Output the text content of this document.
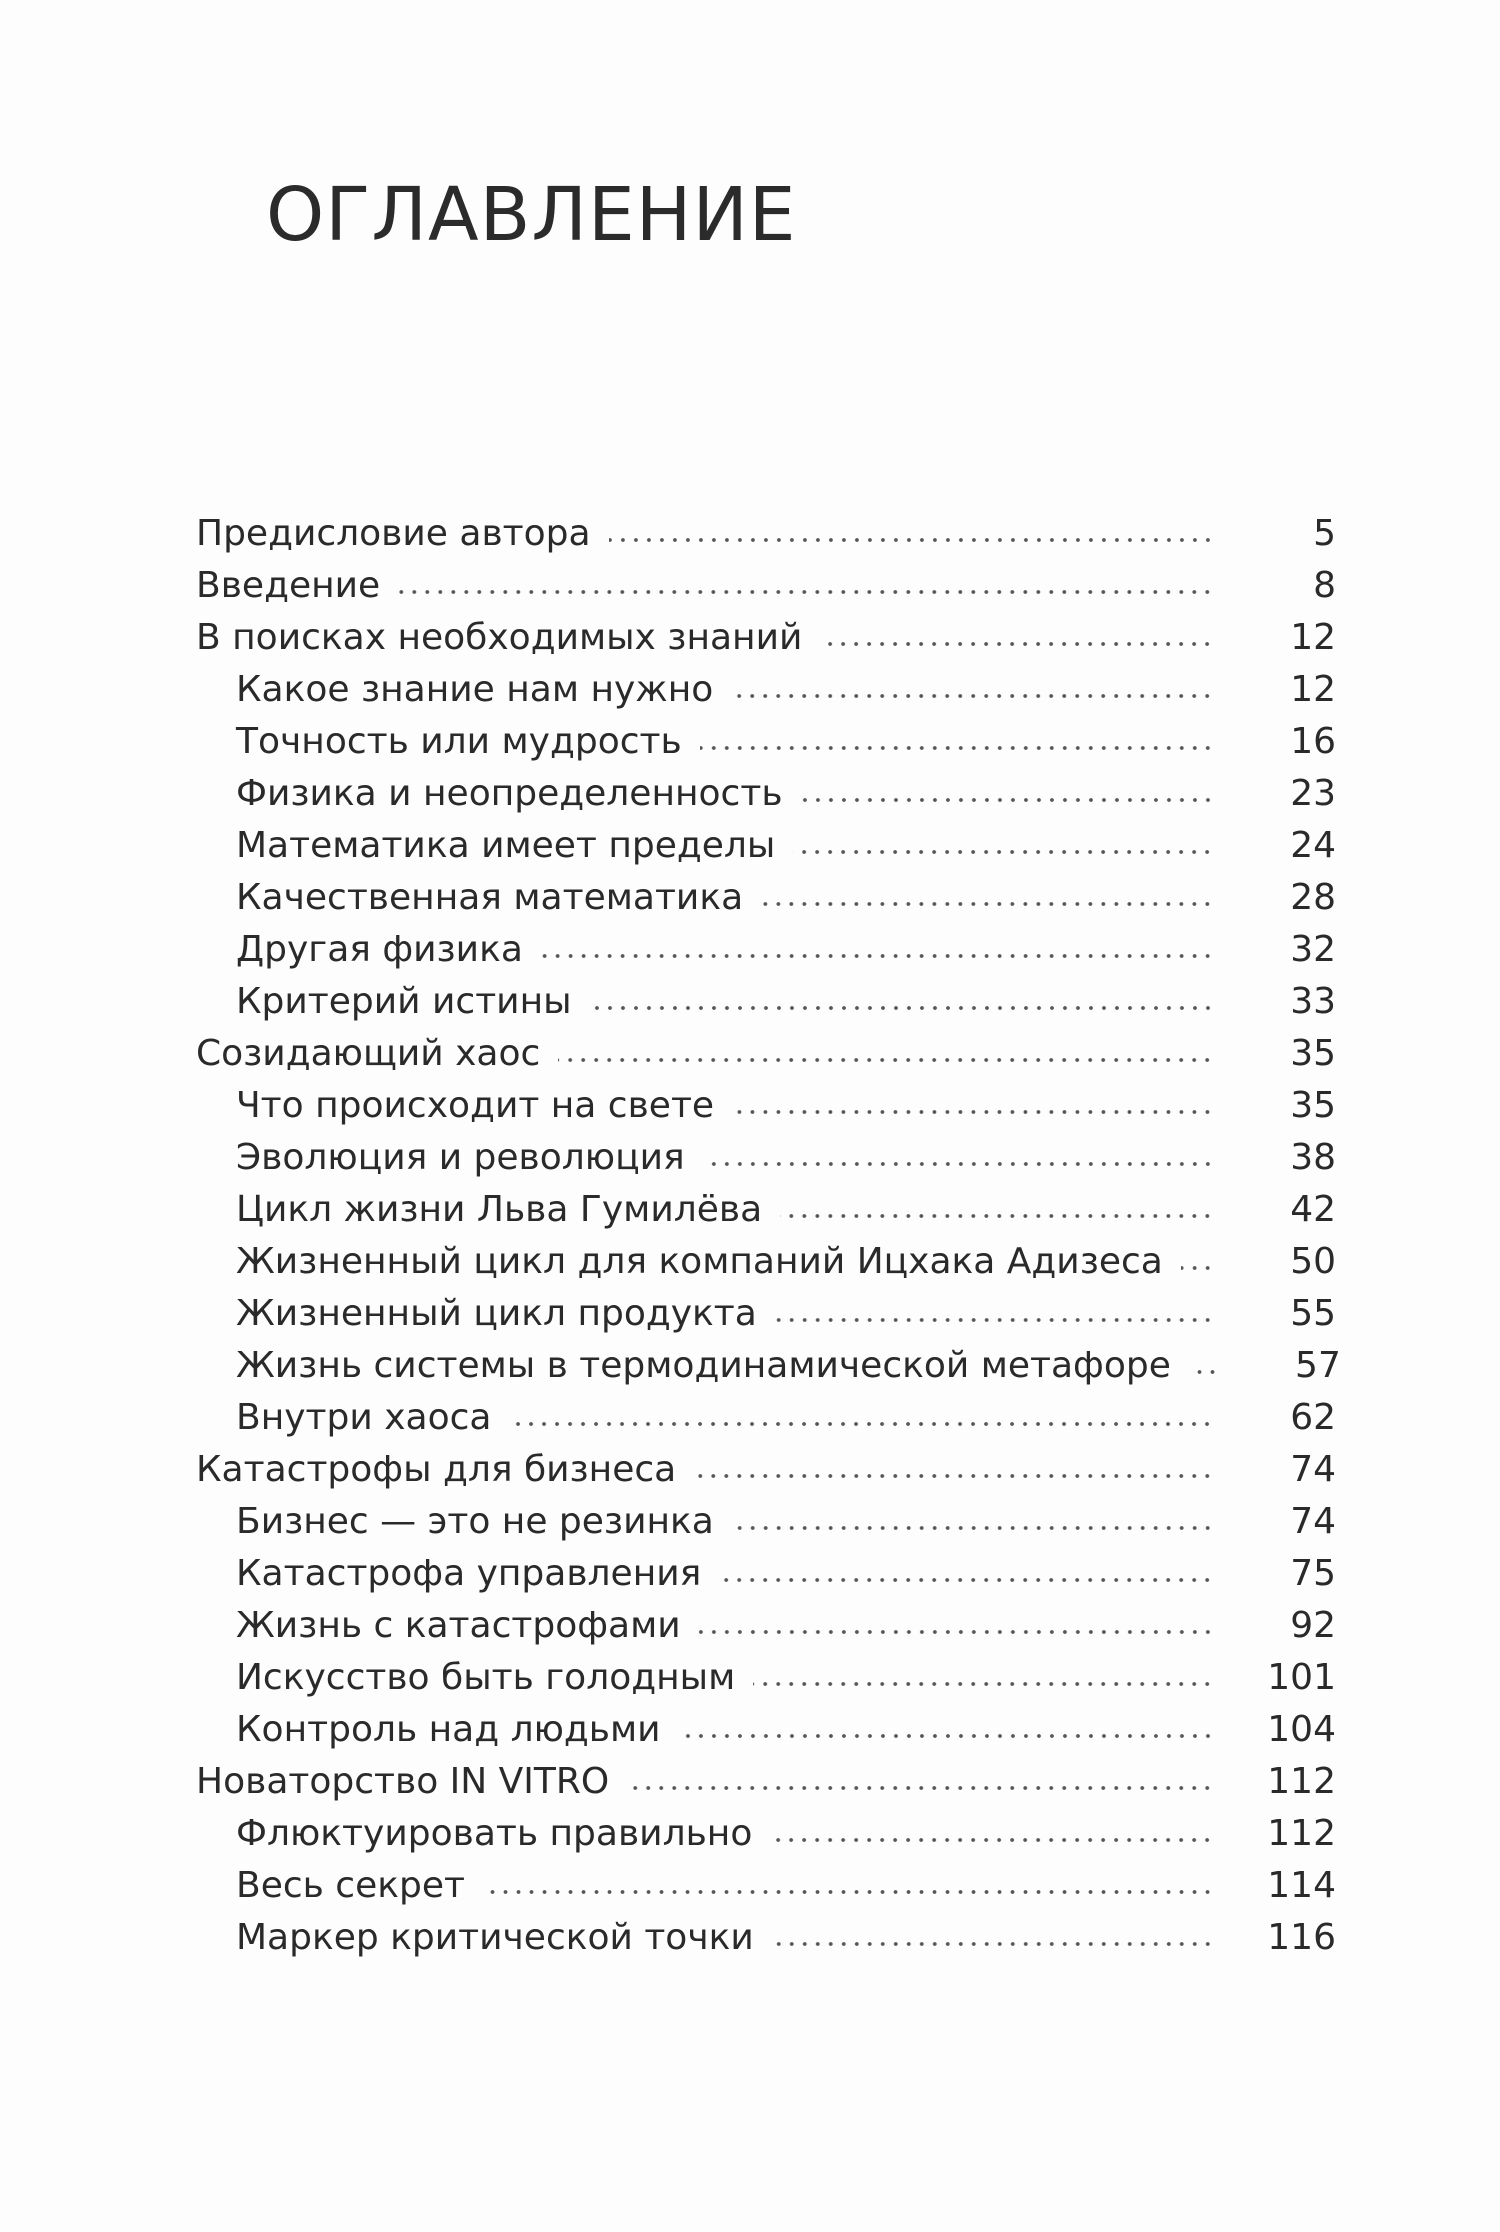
ОГЛАВЛЕНИЕ
Предисловие автора	5
Введение	8
В поисках необходимых знаний	12
Какое знание нам нужно	12
Точность или мудрость	16
Физика и неопределенность	23
Математика имеет пределы	24
Качественная математика	28
Другая физика	32
Критерий истины	33
Созидающий хаос	35
Что происходит на свете	35
Эволюция и революция	38
Цикл жизни Льва Гумилёва	42
Жизненный цикл для компаний Ицхака Адизеса	50
Жизненный цикл продукта	55
Жизнь системы в термодинамической метафоре	57
Внутри хаоса	62
Катастрофы для бизнеса	74
Бизнес — это не резинка	74
Катастрофа управления	75
Жизнь с катастрофами	92
Искусство быть голодным	101
Контроль над людьми	104
Новаторство IN VITRO	112
Флюктуировать правильно	112
Весь секрет	114
Маркер критической точки	116
